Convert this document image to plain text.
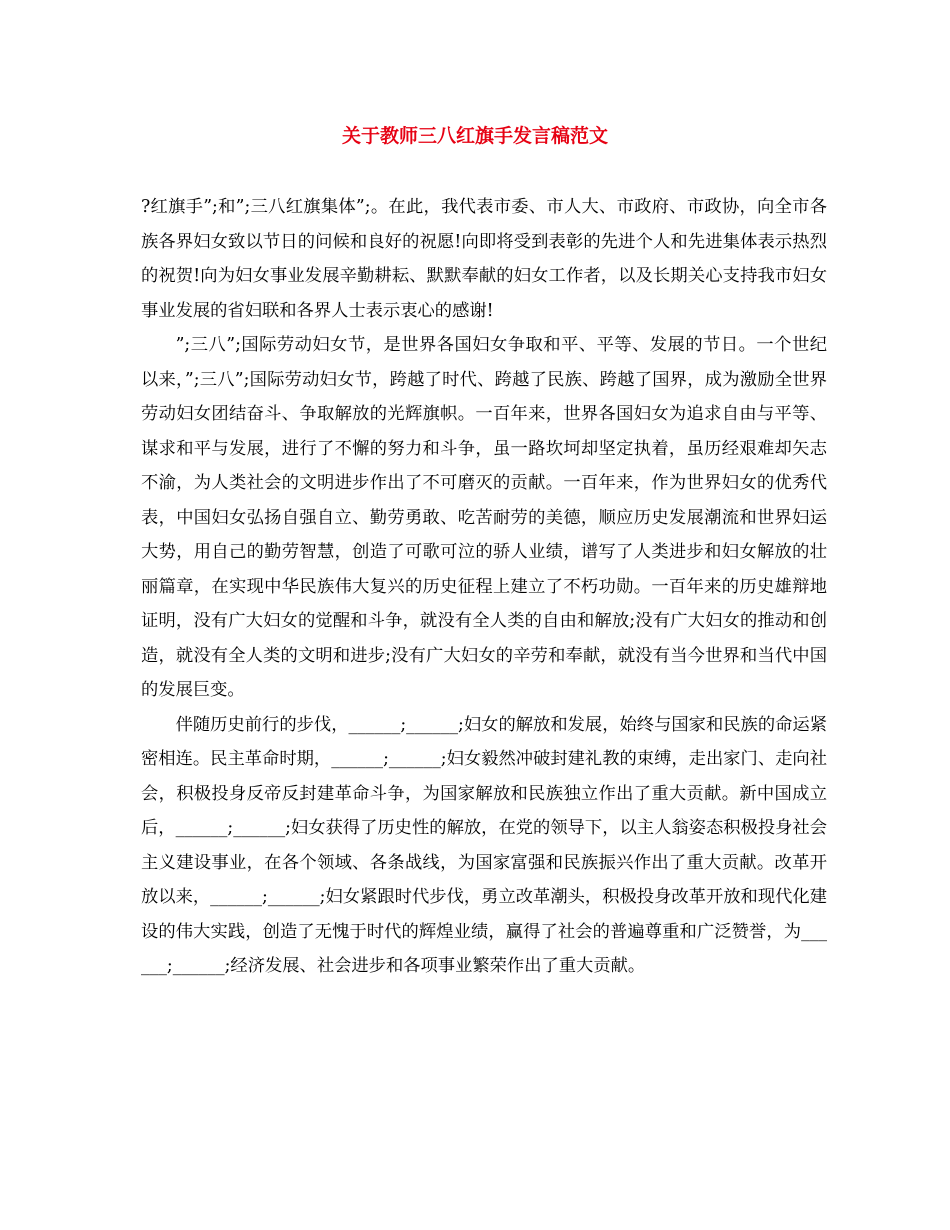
关于教师三八红旗手发言稿范文

?红旗手”;和”;三八红旗集体”;。在此，我代表市委、市人大、市政府、市政协，向全市各族各界妇女致以节日的问候和良好的祝愿!向即将受到表彰的先进个人和先进集体表示热烈的祝贺!向为妇女事业发展辛勤耕耘、默默奉献的妇女工作者，以及长期关心支持我市妇女事业发展的省妇联和各界人士表示衷心的感谢!

”;三八”;国际劳动妇女节，是世界各国妇女争取和平、平等、发展的节日。一个世纪以来，”;三八”;国际劳动妇女节，跨越了时代、跨越了民族、跨越了国界，成为激励全世界劳动妇女团结奋斗、争取解放的光辉旗帜。一百年来，世界各国妇女为追求自由与平等、谋求和平与发展，进行了不懈的努力和斗争，虽一路坎坷却坚定执着，虽历经艰难却矢志不渝，为人类社会的文明进步作出了不可磨灭的贡献。一百年来，作为世界妇女的优秀代表，中国妇女弘扬自强自立、勤劳勇敢、吃苦耐劳的美德，顺应历史发展潮流和世界妇运大势，用自己的勤劳智慧，创造了可歌可泣的骄人业绩，谱写了人类进步和妇女解放的壮丽篇章，在实现中华民族伟大复兴的历史征程上建立了不朽功勋。一百年来的历史雄辩地证明，没有广大妇女的觉醒和斗争，就没有全人类的自由和解放;没有广大妇女的推动和创造，就没有全人类的文明和进步;没有广大妇女的辛劳和奉献，就没有当今世界和当代中国的发展巨变。

伴随历史前行的步伐，______;______;妇女的解放和发展，始终与国家和民族的命运紧密相连。民主革命时期，______;______;妇女毅然冲破封建礼教的束缚，走出家门、走向社会，积极投身反帝反封建革命斗争，为国家解放和民族独立作出了重大贡献。新中国成立后，______;______;妇女获得了历史性的解放，在党的领导下，以主人翁姿态积极投身社会主义建设事业，在各个领域、各条战线，为国家富强和民族振兴作出了重大贡献。改革开放以来，______;______;妇女紧跟时代步伐，勇立改革潮头，积极投身改革开放和现代化建设的伟大实践，创造了无愧于时代的辉煌业绩，赢得了社会的普遍尊重和广泛赞誉，为______;______;经济发展、社会进步和各项事业繁荣作出了重大贡献。
